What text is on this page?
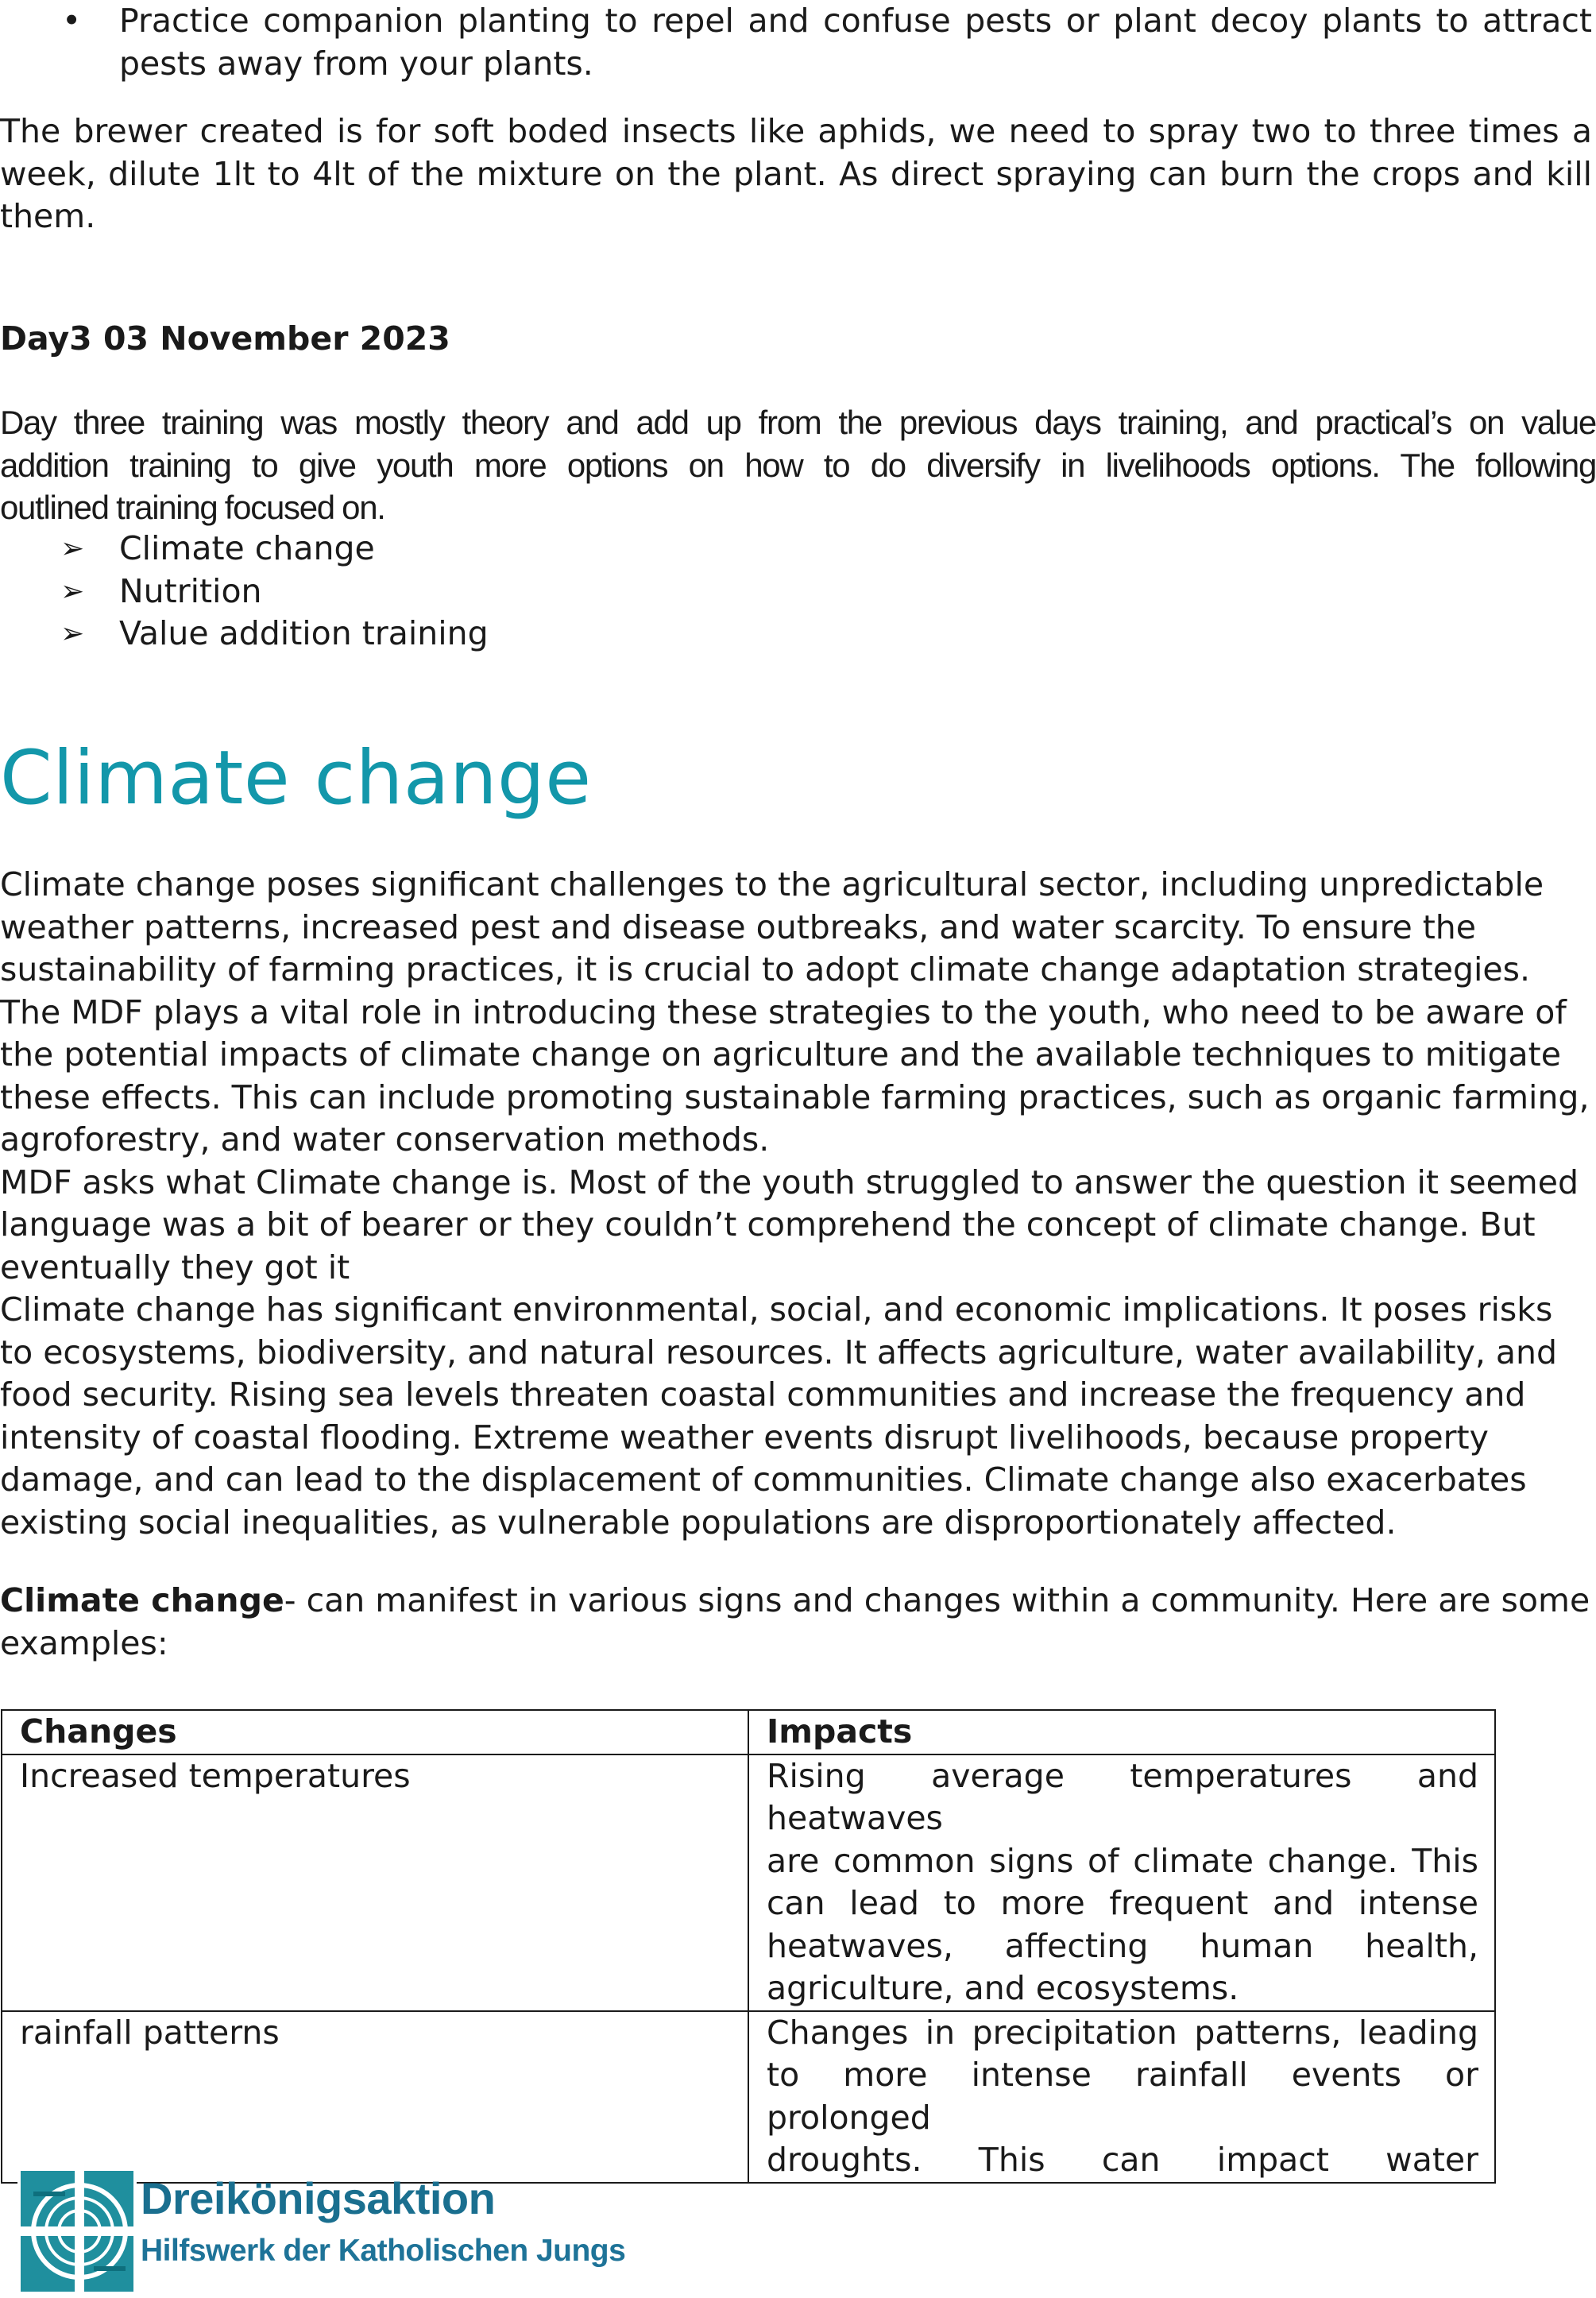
• Practice companion planting to repel and confuse pests or plant decoy plants to attract

pests away from your plants.

The brewer created is for soft boded insects like aphids, we need to spray two to three times a

week, dilute 1lt to 4lt of the mixture on the plant. As direct spraying can burn the crops and kill

them.

Day3 03 November 2023

Day three training was mostly theory and add up from the previous days training, and practical’s on value

addition training to give youth more options on how to do diversify in livelihoods options. The following

outlined training focused on.

➢ Climate change
➢ Nutrition
➢ Value addition training
Climate change

Climate change poses significant challenges to the agricultural sector, including unpredictable

weather patterns, increased pest and disease outbreaks, and water scarcity. To ensure the

sustainability of farming practices, it is crucial to adopt climate change adaptation strategies.

The MDF plays a vital role in introducing these strategies to the youth, who need to be aware of

the potential impacts of climate change on agriculture and the available techniques to mitigate

these effects. This can include promoting sustainable farming practices, such as organic farming,

agroforestry, and water conservation methods.

MDF asks what Climate change is. Most of the youth struggled to answer the question it seemed

language was a bit of bearer or they couldn’t comprehend the concept of climate change. But

eventually they got it

Climate change has significant environmental, social, and economic implications. It poses risks

to ecosystems, biodiversity, and natural resources. It affects agriculture, water availability, and

food security. Rising sea levels threaten coastal communities and increase the frequency and

intensity of coastal flooding. Extreme weather events disrupt livelihoods, because property

damage, and can lead to the displacement of communities. Climate change also exacerbates

existing social inequalities, as vulnerable populations are disproportionately affected.

Climate change- can manifest in various signs and changes within a community. Here are some

examples:

Changes	Impacts
Increased temperatures	Rising average temperatures and heatwaves
are common signs of climate change. This
can lead to more frequent and intense
heatwaves, affecting human health,
agriculture, and ecosystems.

rainfall patterns	Changes in precipitation patterns, leading
to more intense rainfall events or prolonged
droughts. This can impact water
Dreikönigsaktion
Hilfswerk der Katholischen Jungs
